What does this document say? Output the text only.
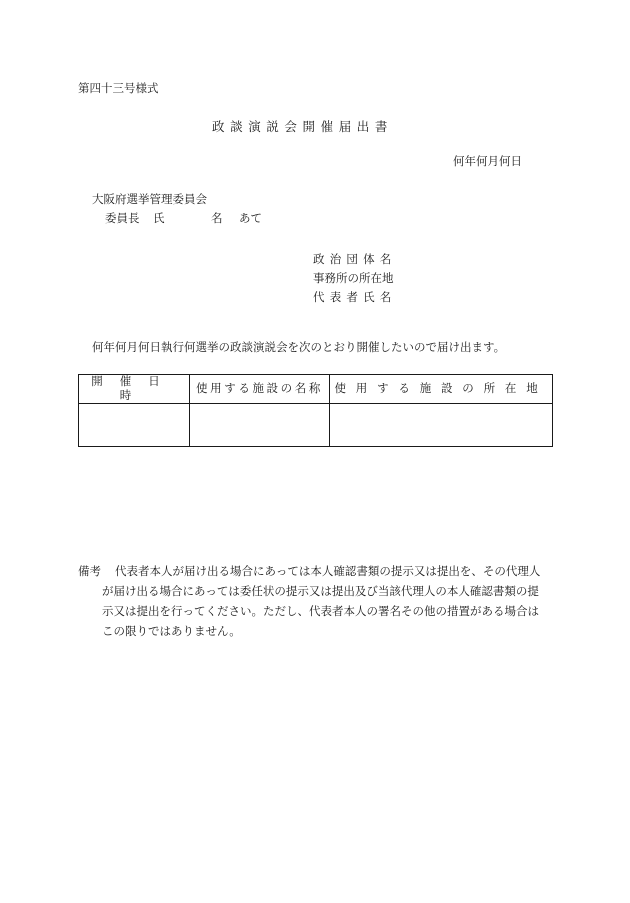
第四十三号様式
政談演説会開催届出書
何年何月何日
大阪府選挙管理委員会
委員長 氏	名 あて
政治団体名
事務所の所在地
代表者氏名
何年何月何日執行何選挙の政談演説会を次のとおり開催したいので届け出ます。
開催日時	使用する施設の名称	使用する施設の所在地

備考 代表者本人が届け出る場合にあっては本人確認書類の提示又は提出を、その代理人
が届け出る場合にあっては委任状の提示又は提出及び当該代理人の本人確認書類の提
示又は提出を行ってください。ただし、代表者本人の署名その他の措置がある場合は
この限りではありません。
